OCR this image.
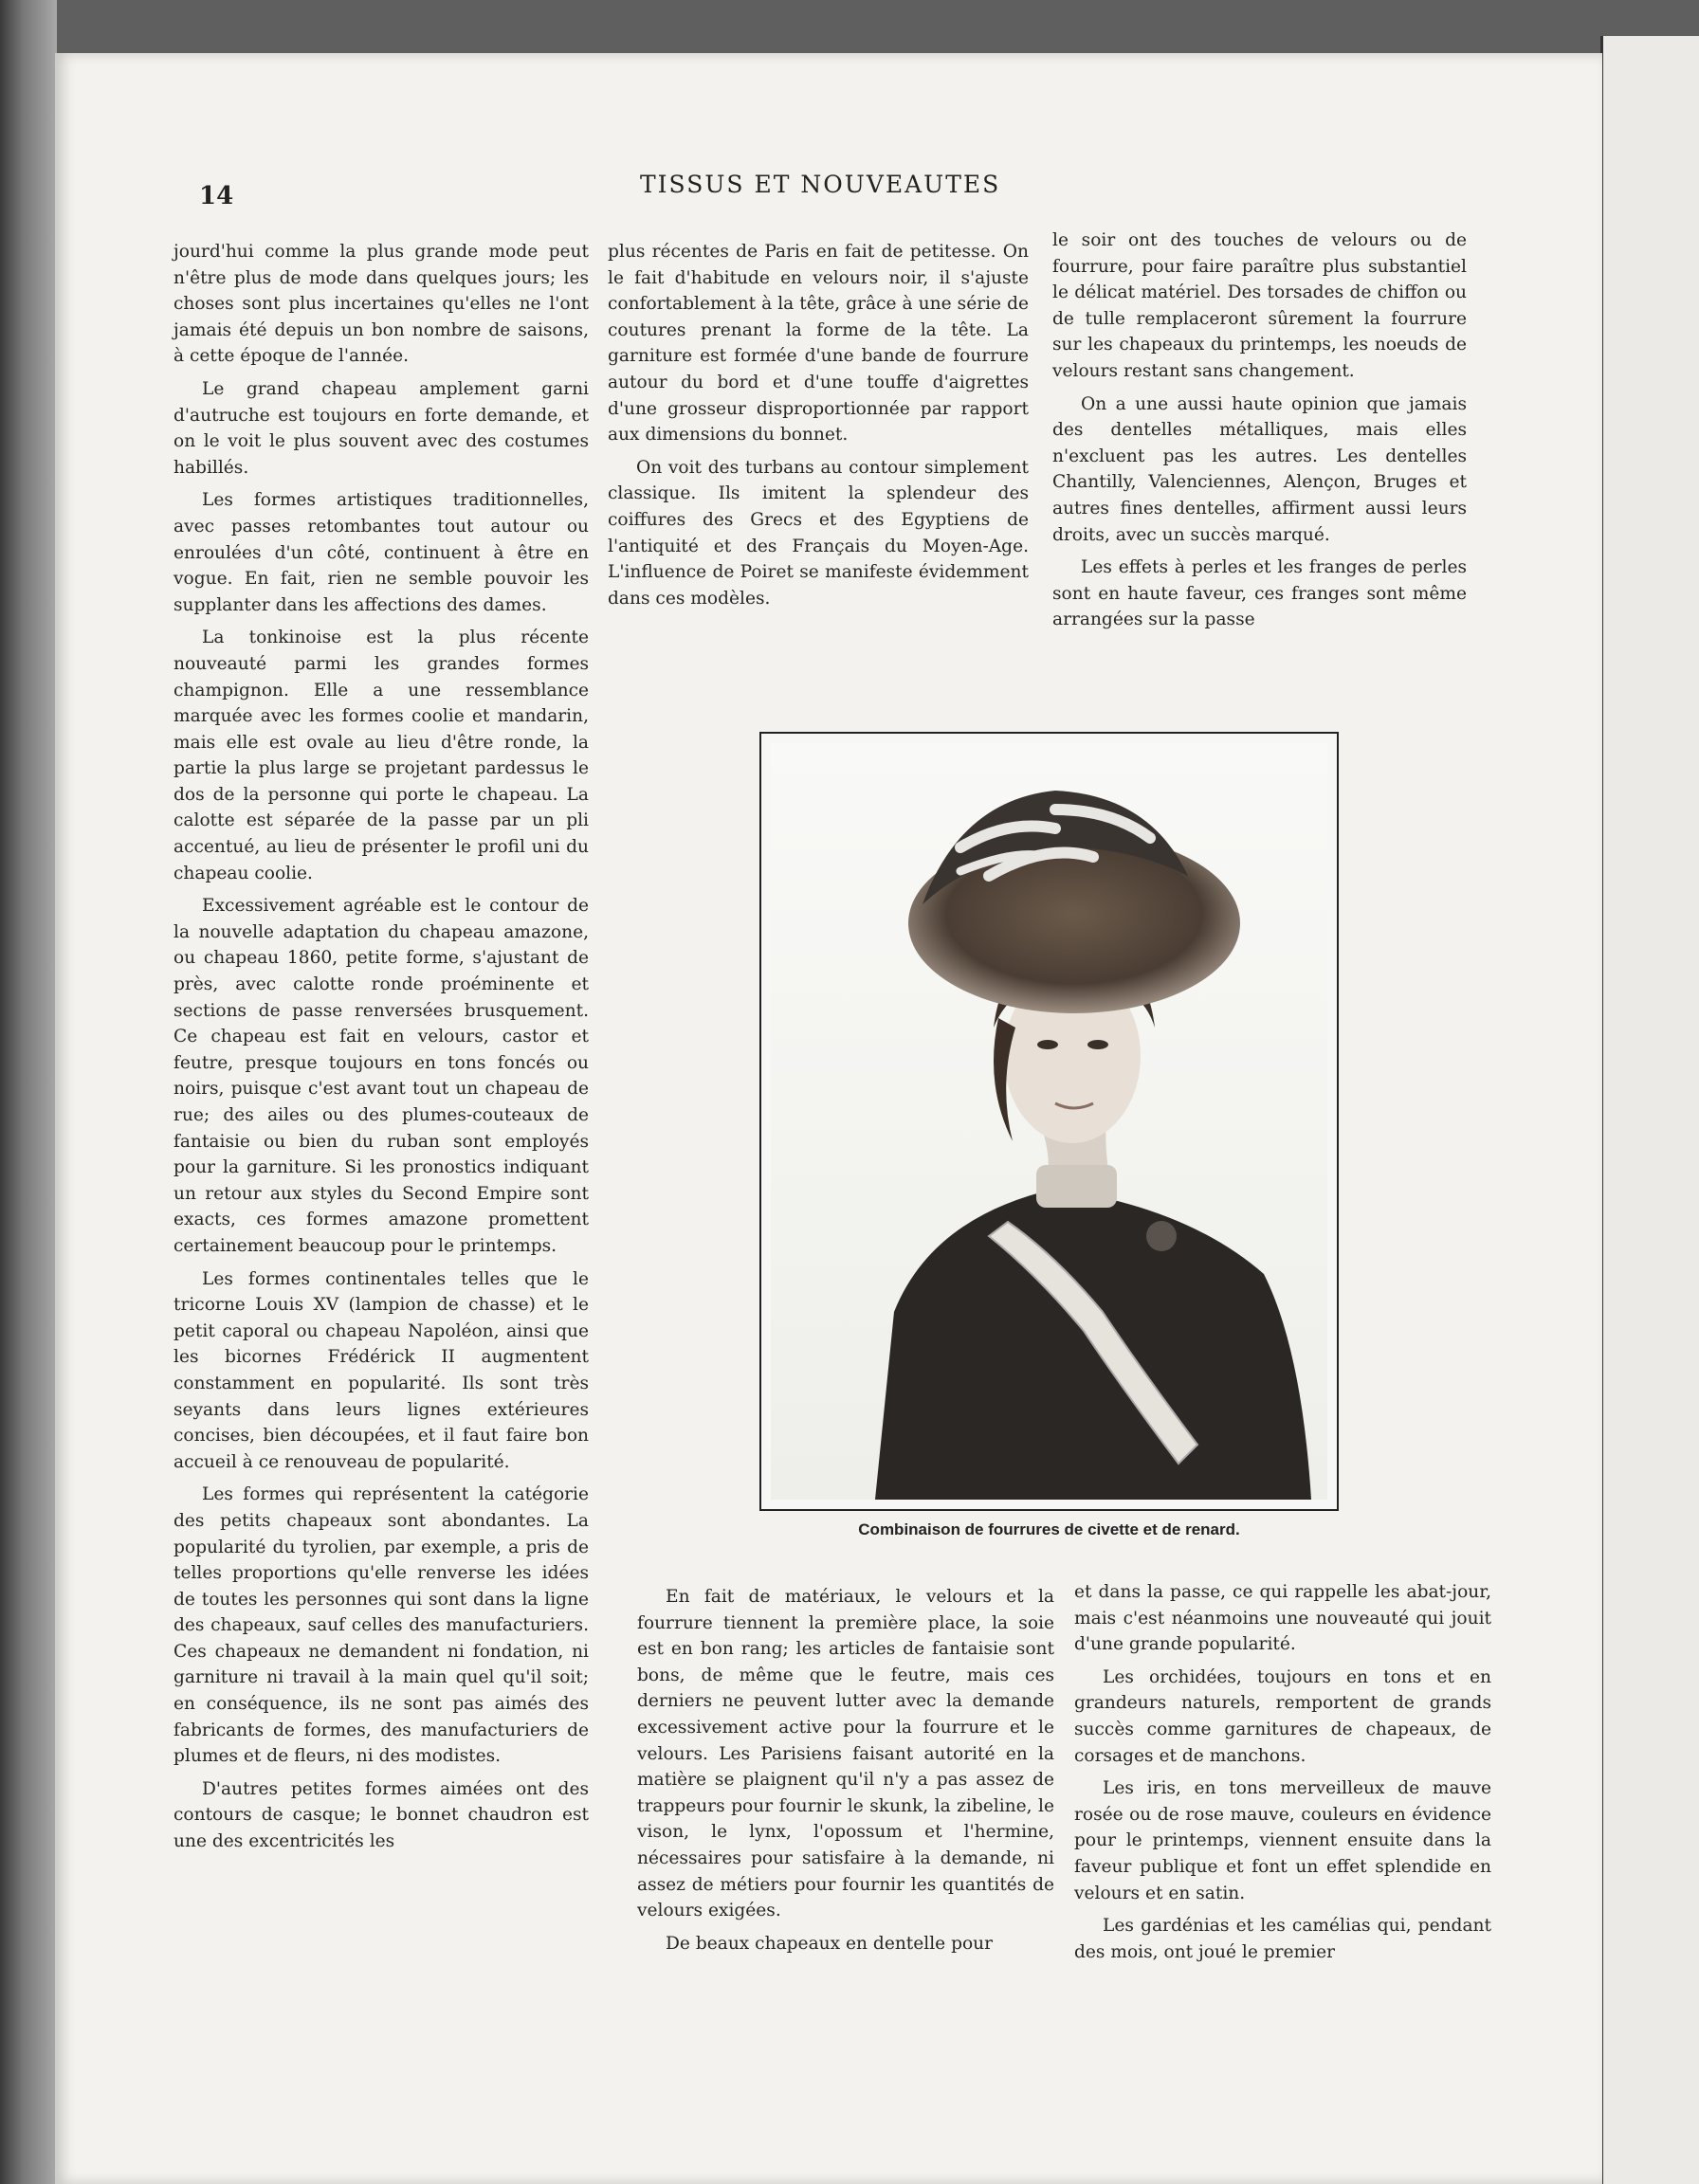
14	TISSUS ET NOUVEAUTES

jourd'hui comme la plus grande mode peut n'être plus de mode dans quelques jours; les choses sont plus incertaines qu'elles ne l'ont jamais été depuis un bon nombre de saisons, à cette époque de l'année.

Le grand chapeau amplement garni d'autruche est toujours en forte demande, et on le voit le plus souvent avec des costumes habillés.

Les formes artistiques traditionnelles, avec passes retombantes tout autour ou enroulées d'un côté, continuent à être en vogue. En fait, rien ne semble pouvoir les supplanter dans les affections des dames.

La tonkinoise est la plus récente nouveauté parmi les grandes formes champignon. Elle a une ressemblance marquée avec les formes coolie et mandarin, mais elle est ovale au lieu d'être ronde, la partie la plus large se projetant pardessus le dos de la personne qui porte le chapeau. La calotte est séparée de la passe par un pli accentué, au lieu de présenter le profil uni du chapeau coolie.

Excessivement agréable est le contour de la nouvelle adaptation du chapeau amazone, ou chapeau 1860, petite forme, s'ajustant de près, avec calotte ronde proéminente et sections de passe renversées brusquement. Ce chapeau est fait en velours, castor et feutre, presque toujours en tons foncés ou noirs, puisque c'est avant tout un chapeau de rue; des ailes ou des plumes-couteaux de fantaisie ou bien du ruban sont employés pour la garniture. Si les pronostics indiquant un retour aux styles du Second Empire sont exacts, ces formes amazone promettent certainement beaucoup pour le printemps.

Les formes continentales telles que le tricorne Louis XV (lampion de chasse) et le petit caporal ou chapeau Napoléon, ainsi que les bicornes Frédérick II augmentent constamment en popularité. Ils sont très seyants dans leurs lignes extérieures concises, bien découpées, et il faut faire bon accueil à ce renouveau de popularité.

Les formes qui représentent la catégorie des petits chapeaux sont abondantes. La popularité du tyrolien, par exemple, a pris de telles proportions qu'elle renverse les idées de toutes les personnes qui sont dans la ligne des chapeaux, sauf celles des manufacturiers. Ces chapeaux ne demandent ni fondation, ni garniture ni travail à la main quel qu'il soit; en conséquence, ils ne sont pas aimés des fabricants de formes, des manufacturiers de plumes et de fleurs, ni des modistes.

D'autres petites formes aimées ont des contours de casque; le bonnet chaudron est une des excentricités les

plus récentes de Paris en fait de petitesse. On le fait d'habitude en velours noir, il s'ajuste confortablement à la tête, grâce à une série de coutures prenant la forme de la tête. La garniture est formée d'une bande de fourrure autour du bord et d'une touffe d'aigrettes d'une grosseur disproportionnée par rapport aux dimensions du bonnet.

On voit des turbans au contour simplement classique. Ils imitent la splendeur des coiffures des Grecs et des Egyptiens de l'antiquité et des Français du Moyen-Age. L'influence de Poiret se manifeste évidemment dans ces modèles.

le soir ont des touches de velours ou de fourrure, pour faire paraître plus substantiel le délicat matériel. Des torsades de chiffon ou de tulle remplaceront sûrement la fourrure sur les chapeaux du printemps, les noeuds de velours restant sans changement.

On a une aussi haute opinion que jamais des dentelles métalliques, mais elles n'excluent pas les autres. Les dentelles Chantilly, Valenciennes, Alençon, Bruges et autres fines dentelles, affirment aussi leurs droits, avec un succès marqué.

Les effets à perles et les franges de perles sont en haute faveur, ces franges sont même arrangées sur la passe

Combinaison de fourrures de civette et de renard.

En fait de matériaux, le velours et la fourrure tiennent la première place, la soie est en bon rang; les articles de fantaisie sont bons, de même que le feutre, mais ces derniers ne peuvent lutter avec la demande excessivement active pour la fourrure et le velours. Les Parisiens faisant autorité en la matière se plaignent qu'il n'y a pas assez de trappeurs pour fournir le skunk, la zibeline, le vison, le lynx, l'opossum et l'hermine, nécessaires pour satisfaire à la demande, ni assez de métiers pour fournir les quantités de velours exigées.

De beaux chapeaux en dentelle pour

et dans la passe, ce qui rappelle les abat-jour, mais c'est néanmoins une nouveauté qui jouit d'une grande popularité.

Les orchidées, toujours en tons et en grandeurs naturels, remportent de grands succès comme garnitures de chapeaux, de corsages et de manchons.

Les iris, en tons merveilleux de mauve rosée ou de rose mauve, couleurs en évidence pour le printemps, viennent ensuite dans la faveur publique et font un effet splendide en velours et en satin.

Les gardénias et les camélias qui, pendant des mois, ont joué le premier
